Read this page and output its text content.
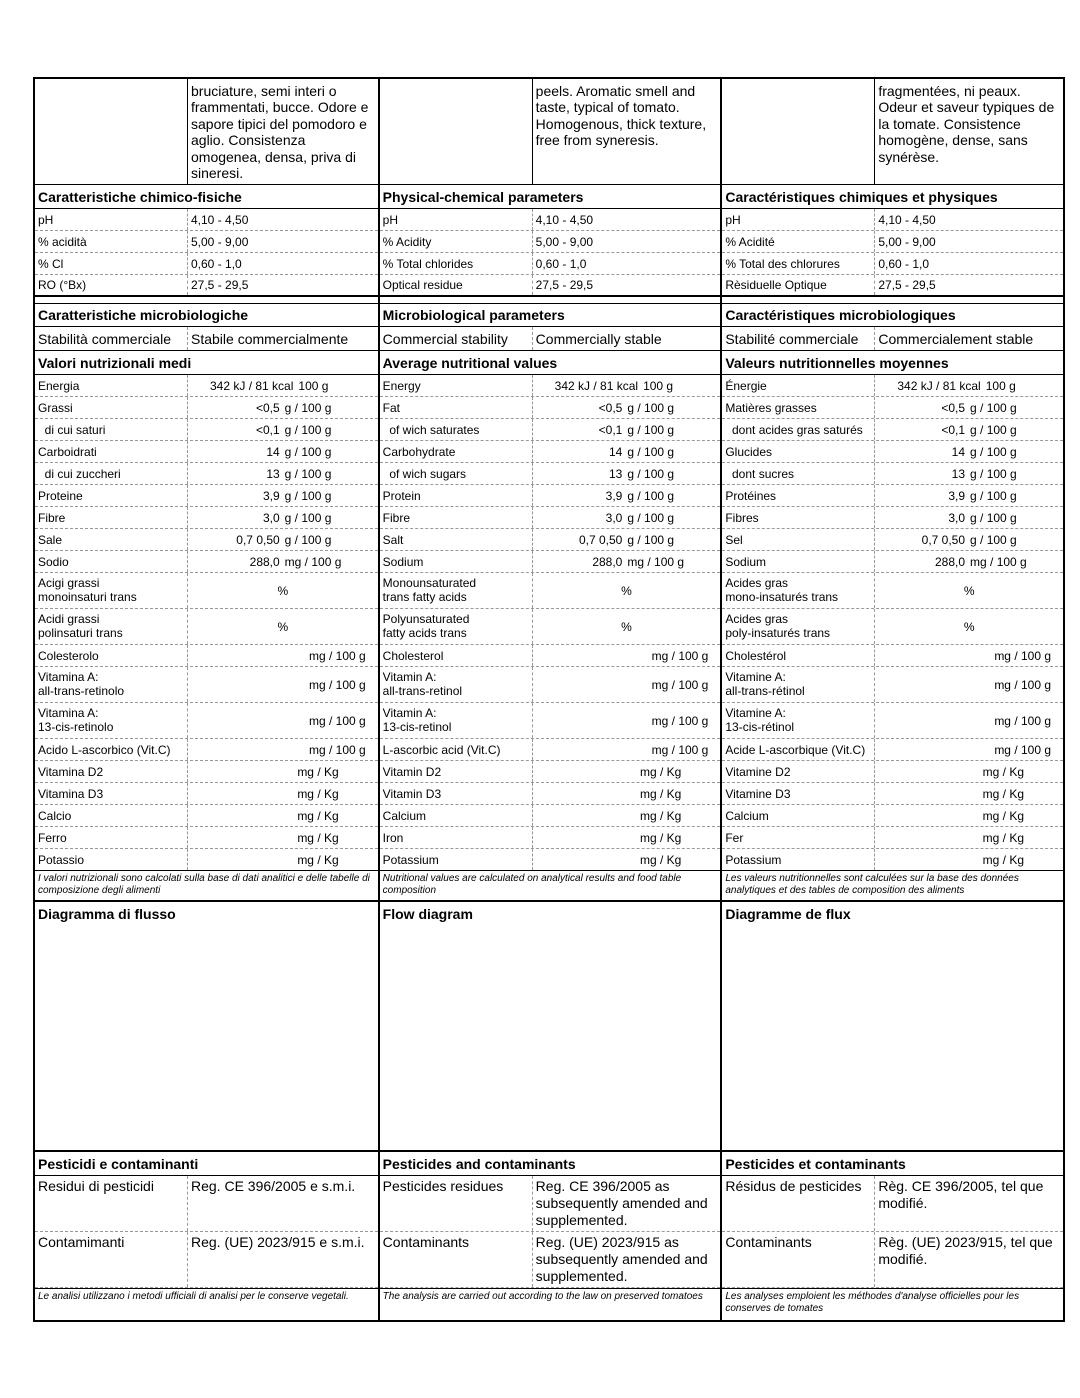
bruciature, semi interi o
frammentati, bucce. Odore e
sapore tipici del pomodoro e
aglio. Consistenza
omogenea, densa, priva di
sineresi.
Caratteristiche chimico-fisiche
pH	4,10 - 4,50
% acidità	5,00 - 9,00
% Cl	0,60 - 1,0
RO (°Bx)	27,5 - 29,5
Caratteristiche microbiologiche
Stabilità commerciale	Stabile commercialmente
Valori nutrizionali medi
Energia	342 kJ / 81 kcal 100 g
Grassi	<0,5 g / 100 g
di cui saturi	<0,1 g / 100 g
Carboidrati	14 g / 100 g
di cui zuccheri	13 g / 100 g
Proteine	3,9 g / 100 g
Fibre	3,0 g / 100 g
Sale	0,7 0,50 g / 100 g
Sodio	288,0 mg / 100 g
Acigi grassi
monoinsaturi trans	%
Acidi grassi
polinsaturi trans	%
Colesterolo	mg / 100 g
Vitamina A:
all-trans-retinolo	mg / 100 g
Vitamina A:
13-cis-retinolo	mg / 100 g
Acido L-ascorbico (Vit.C)	mg / 100 g
Vitamina D2	mg / Kg
Vitamina D3	mg / Kg
Calcio	mg / Kg
Ferro	mg / Kg
Potassio	mg / Kg
I valori nutrizionali sono calcolati sulla base di dati analitici e delle tabelle di composizione degli alimenti
Diagramma di flusso
Pesticidi e contaminanti
Residui di pesticidi	Reg. CE 396/2005 e s.m.i.
Contamimanti	Reg. (UE) 2023/915 e s.m.i.
Le analisi utilizzano i metodi ufficiali di analisi per le conserve vegetali.
peels. Aromatic smell and
taste, typical of tomato.
Homogenous, thick texture,
free from syneresis.
Physical-chemical parameters
pH	4,10 - 4,50
% Acidity	5,00 - 9,00
% Total chlorides	0,60 - 1,0
Optical residue	27,5 - 29,5
Microbiological parameters
Commercial stability	Commercially stable
Average nutritional values
Energy	342 kJ / 81 kcal 100 g
Fat	<0,5 g / 100 g
of wich saturates	<0,1 g / 100 g
Carbohydrate	14 g / 100 g
of wich sugars	13 g / 100 g
Protein	3,9 g / 100 g
Fibre	3,0 g / 100 g
Salt	0,7 0,50 g / 100 g
Sodium	288,0 mg / 100 g
Monounsaturated
trans fatty acids	%
Polyunsaturated
fatty acids trans	%
Cholesterol	mg / 100 g
Vitamin A:
all-trans-retinol	mg / 100 g
Vitamin A:
13-cis-retinol	mg / 100 g
L-ascorbic acid (Vit.C)	mg / 100 g
Vitamin D2	mg / Kg
Vitamin D3	mg / Kg
Calcium	mg / Kg
Iron	mg / Kg
Potassium	mg / Kg
Nutritional values are calculated on analytical results and food table composition
Flow diagram
Pesticides and contaminants
Pesticides residues	Reg. CE 396/2005 as subsequently amended and supplemented.
Contaminants	Reg. (UE) 2023/915 as subsequently amended and supplemented.
The analysis are carried out according to the law on preserved tomatoes
fragmentées, ni peaux.
Odeur et saveur typiques de
la tomate. Consistence
homogène, dense, sans
synérèse.
Caractéristiques chimiques et physiques
pH	4,10 - 4,50
% Acidité	5,00 - 9,00
% Total des chlorures	0,60 - 1,0
Rèsiduelle Optique	27,5 - 29,5
Caractéristiques microbiologiques
Stabilité commerciale	Commercialement stable
Valeurs nutritionnelles moyennes
Énergie	342 kJ / 81 kcal 100 g
Matières grasses	<0,5 g / 100 g
dont acides gras saturés	<0,1 g / 100 g
Glucides	14 g / 100 g
dont sucres	13 g / 100 g
Protéines	3,9 g / 100 g
Fibres	3,0 g / 100 g
Sel	0,7 0,50 g / 100 g
Sodium	288,0 mg / 100 g
Acides gras
mono-insaturés trans	%
Acides gras
poly-insaturés trans	%
Cholestérol	mg / 100 g
Vitamine A:
all-trans-rétinol	mg / 100 g
Vitamine A:
13-cis-rétinol	mg / 100 g
Acide L-ascorbique (Vit.C)	mg / 100 g
Vitamine D2	mg / Kg
Vitamine D3	mg / Kg
Calcium	mg / Kg
Fer	mg / Kg
Potassium	mg / Kg
Les valeurs nutritionnelles sont calculées sur la base des données analytiques et des tables de composition des aliments
Diagramme de flux
Pesticides et contaminants
Résidus de pesticides	Règ. CE 396/2005, tel que modifié.
Contaminants	Règ. (UE) 2023/915, tel que modifié.
Les analyses emploient les méthodes d'analyse officielles pour les conserves de tomates
